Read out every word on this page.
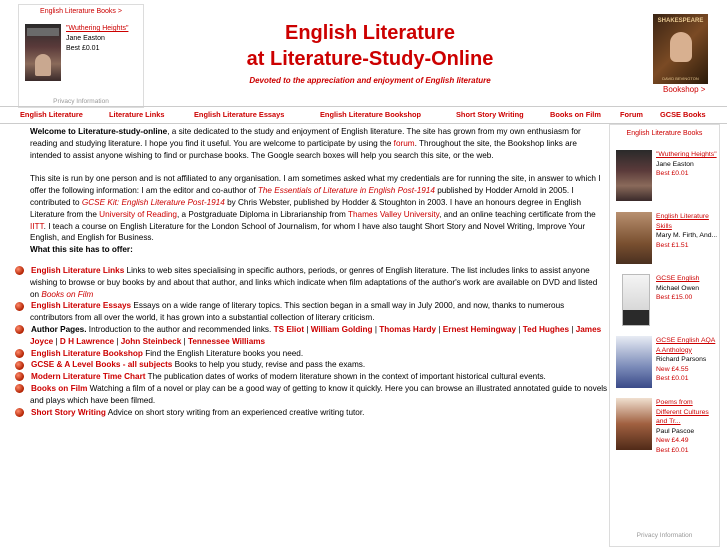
English Literature Books >
"Wuthering Heights"
Jane Easton
Best £0.01
Privacy Information
English Literature
at Literature-Study-Online
Devoted to the appreciation and enjoyment of English literature
SHAKESPEARE
DAVID BEVINGTON
Bookshop >
English Literature	Literature Links	English Literature Essays	English Literature Bookshop	Short Story Writing	Books on Film	Forum GCSE Books

Welcome to Literature-study-online, a site dedicated to the study and enjoyment of English literature. The site has grown from my own enthusiasm for reading and studying literature. I hope you find it useful. You are welcome to participate by using the forum. Throughout the site, the Bookshop links are intended to assist anyone wishing to find or purchase books. The Google search boxes will help you search this site, or the web.

This site is run by one person and is not affiliated to any organisation. I am sometimes asked what my credentials are for running the site, in answer to which I offer the following information: I am the editor and co-author of The Essentials of Literature in English Post-1914 published by Hodder Arnold in 2005. I contributed to GCSE Kit: English Literature Post-1914 by Chris Webster, published by Hodder & Stoughton in 2003. I have an honours degree in English Literature from the University of Reading, a Postgraduate Diploma in Librarianship from Thames Valley University, and an online teaching certificate from the IITT. I teach a course on English Literature for the London School of Journalism, for whom I have also taught Short Story and Novel Writing, Improve Your English, and English for Business.

What this site has to offer:

English Literature Links Links to web sites specialising in specific authors, periods, or genres of English literature. The list includes links to assist anyone wishing to browse or buy books by and about that author, and links which indicate when film adaptations of the author's work are available on DVD and listed on Books on Film

English Literature Essays Essays on a wide range of literary topics. This section began in a small way in July 2000, and now, thanks to numerous contributors from all over the world, it has grown into a substantial collection of literary criticism.

Author Pages. Introduction to the author and recommended links. TS Eliot | William Golding | Thomas Hardy | Ernest Hemingway | Ted Hughes | James Joyce | D H Lawrence | John Steinbeck | Tennessee Williams

English Literature Bookshop Find the English Literature books you need.

GCSE & A Level Books - all subjects Books to help you study, revise and pass the exams.

Modern Literature Time Chart The publication dates of works of modern literature shown in the context of important historical cultural events.

Books on Film Watching a film of a novel or play can be a good way of getting to know it quickly. Here you can browse an illustrated annotated guide to novels and plays which have been filmed.

Short Story Writing Advice on short story writing from an experienced creative writing tutor.

English Literature Books
"Wuthering Heights"
Jane Easton
Best £0.01
English Literature Skills
Mary M. Firth, And...
Best £1.51
GCSE English
Michael Owen
Best £15.00
GCSE English AQA A Anthology
Richard Parsons
New £4.55
Best £0.01
Poems from Different Cultures and Tr...
Paul Pascoe
New £4.49
Best £0.01
Privacy Information
